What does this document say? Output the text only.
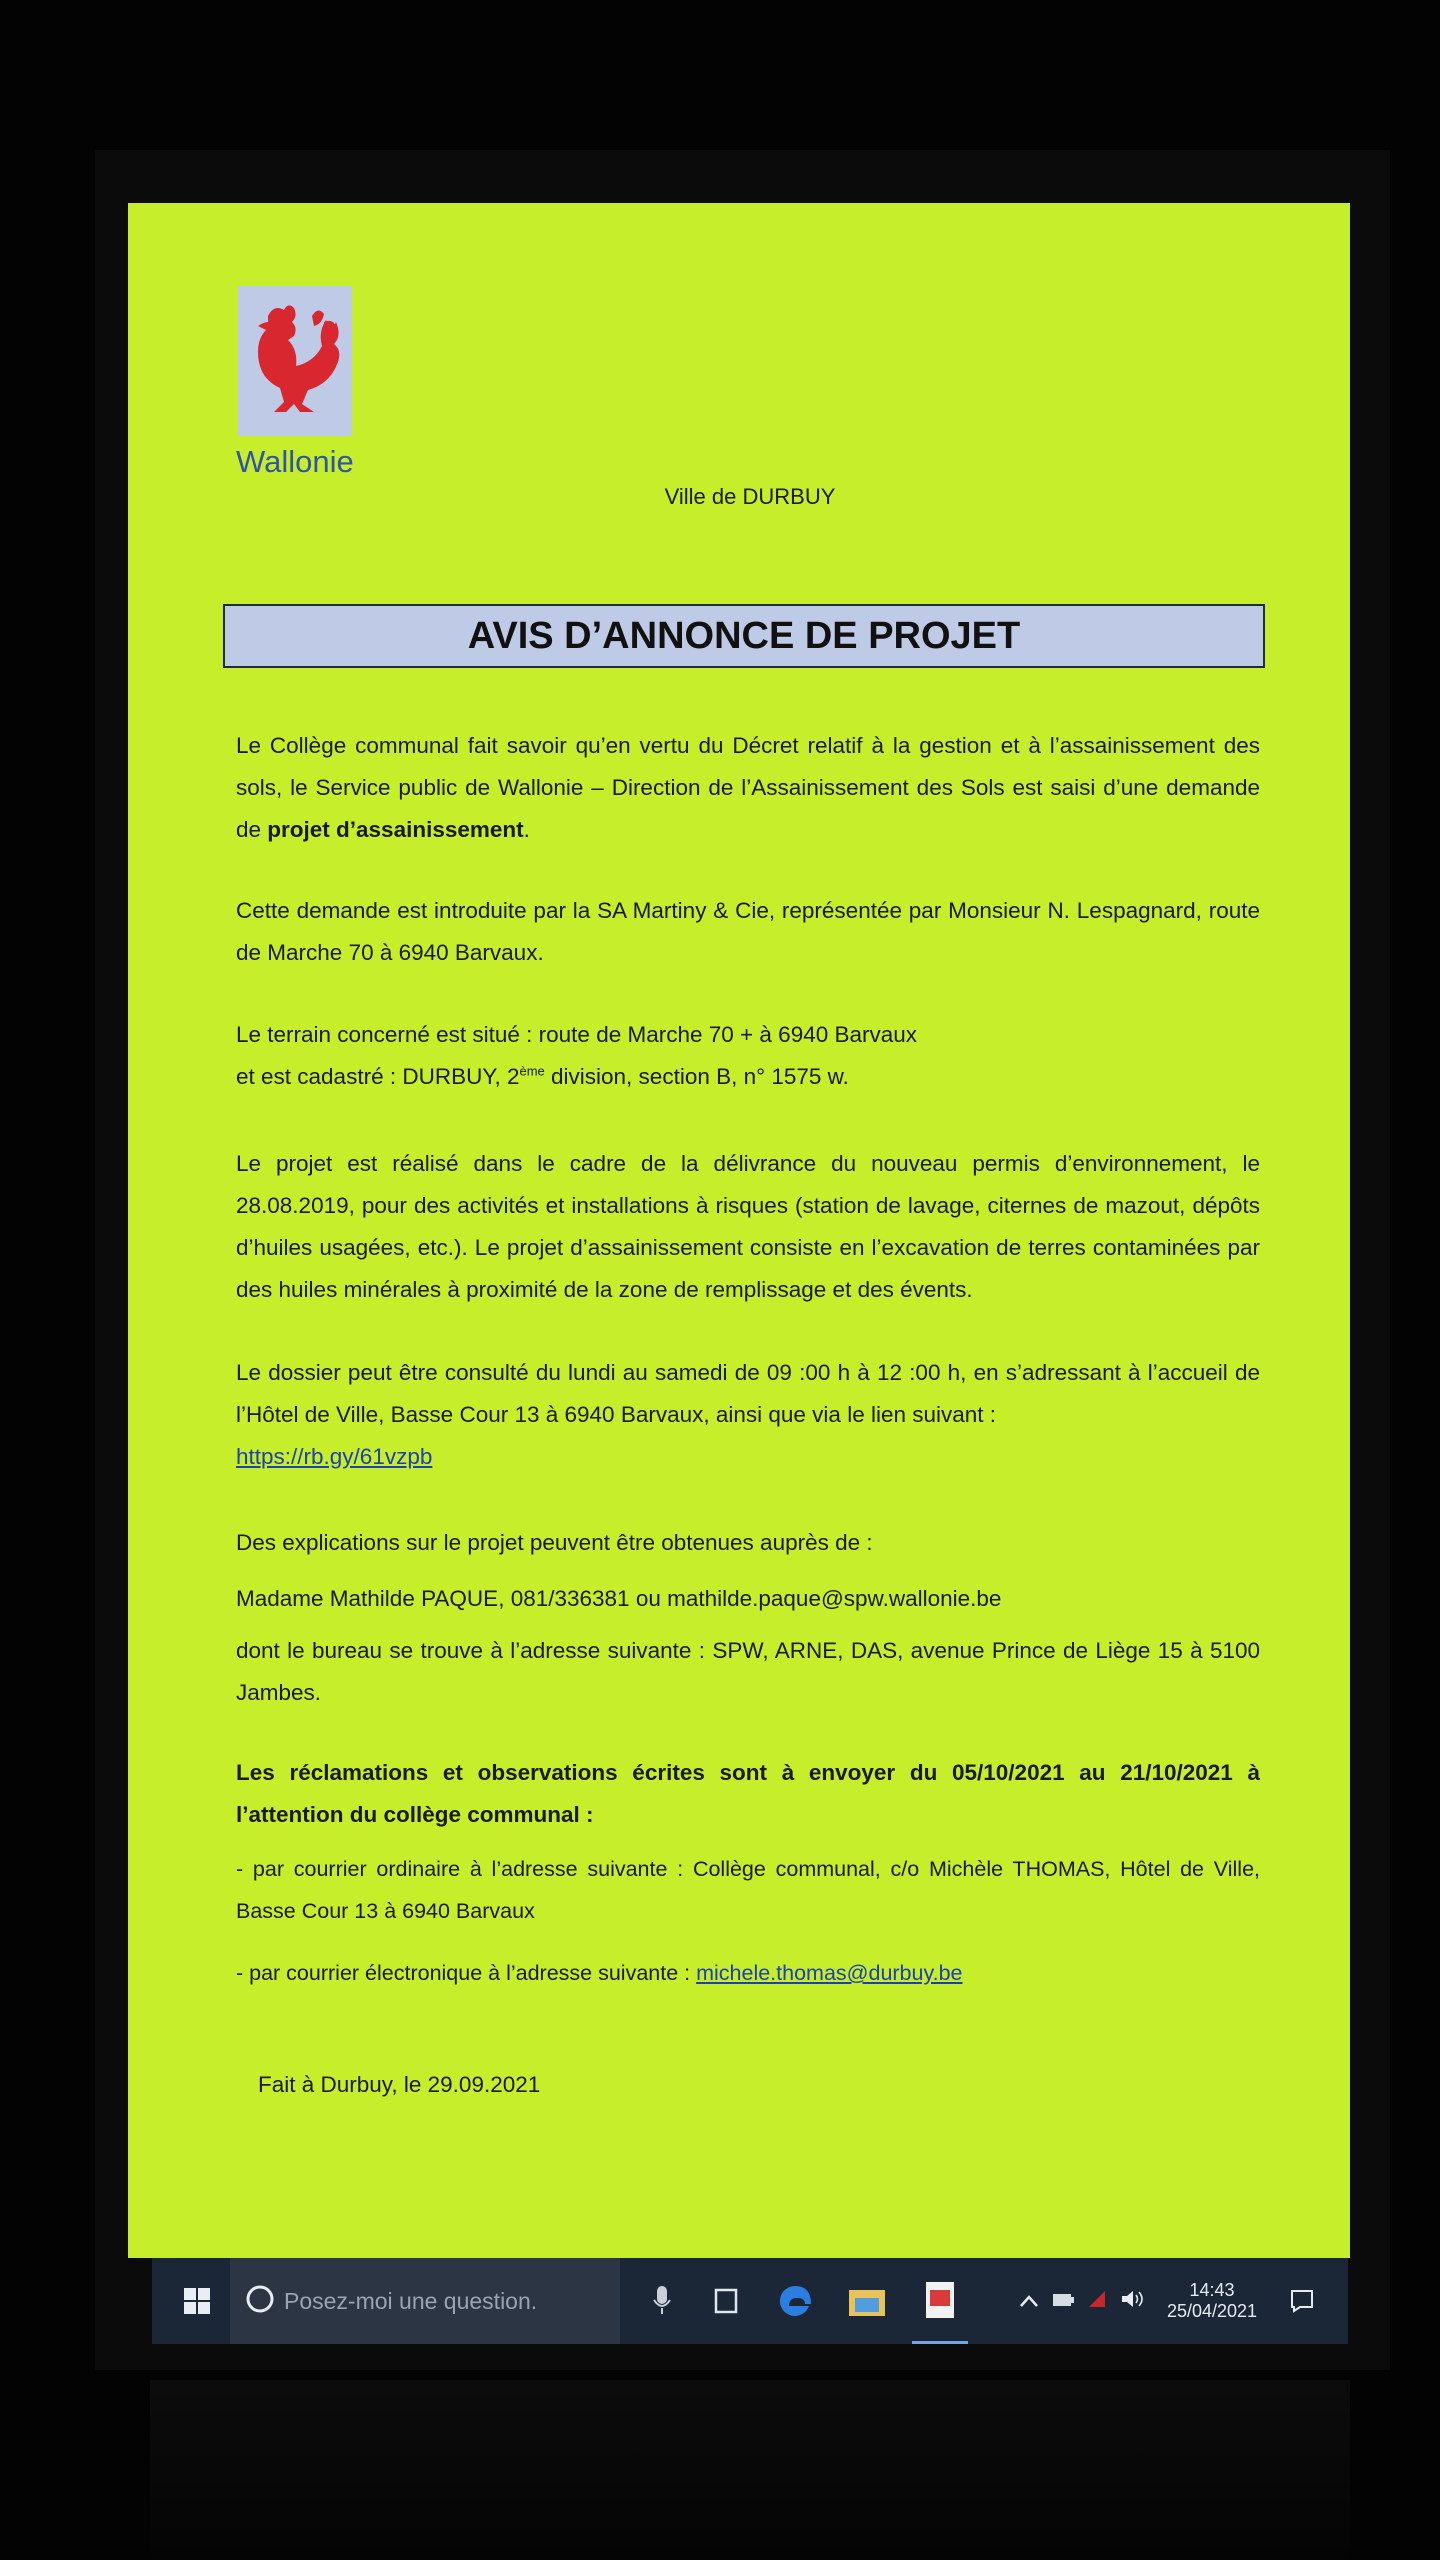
Wallonie
Ville de DURBUY
AVIS D’ANNONCE DE PROJET
Le Collège communal fait savoir qu’en vertu du Décret relatif à la gestion et à l’assainissement des sols, le Service public de Wallonie – Direction de l’Assainissement des Sols est saisi d’une demande de projet d’assainissement.
Cette demande est introduite par la SA Martiny & Cie, représentée par Monsieur N. Lespagnard, route de Marche 70 à 6940 Barvaux.
Le terrain concerné est situé : route de Marche 70 + à 6940 Barvaux
et est cadastré : DURBUY, 2ème division, section B, n° 1575 w.
Le projet est réalisé dans le cadre de la délivrance du nouveau permis d’environnement, le 28.08.2019, pour des activités et installations à risques (station de lavage, citernes de mazout, dépôts d’huiles usagées, etc.). Le projet d’assainissement consiste en l’excavation de terres contaminées par des huiles minérales à proximité de la zone de remplissage et des évents.
Le dossier peut être consulté du lundi au samedi de 09 :00 h à 12 :00 h, en s’adressant à l’accueil de l’Hôtel de Ville, Basse Cour 13 à 6940 Barvaux, ainsi que via le lien suivant :
https://rb.gy/61vzpb
Des explications sur le projet peuvent être obtenues auprès de :
Madame Mathilde PAQUE, 081/336381 ou mathilde.paque@spw.wallonie.be
dont le bureau se trouve à l’adresse suivante : SPW, ARNE, DAS, avenue Prince de Liège 15 à 5100 Jambes.
Les réclamations et observations écrites sont à envoyer du 05/10/2021 au 21/10/2021 à l’attention du collège communal :
- par courrier ordinaire à l’adresse suivante : Collège communal, c/o Michèle THOMAS, Hôtel de Ville, Basse Cour 13 à 6940 Barvaux
- par courrier électronique à l’adresse suivante : michele.thomas@durbuy.be
Fait à Durbuy, le 29.09.2021
Posez-moi une question.	14:43
25/04/2021
